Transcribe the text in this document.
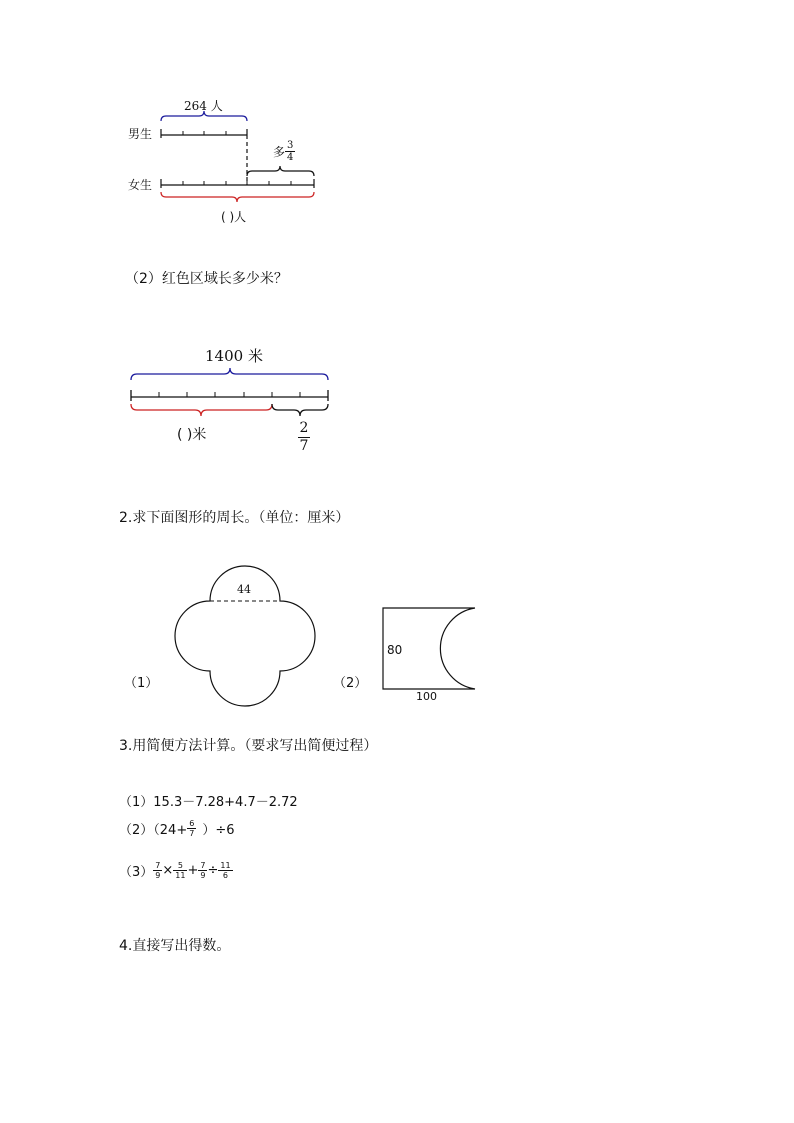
男生
女生
264 人
多 $\frac{3}{4}$
( )人
（2）红色区域长多少米？
1400 米
( )米	2
7
2.求下面图形的周长。（单位：厘米）
（1）
44
（2）
80
100
3.用简便方法计算。（要求写出简便过程）
（1）15.3－7.28+4.7－2.72
$(2)(24+ \frac{6}{7} )\div 6$
$(3) \frac{7}{9} \times \frac{5}{11} + \frac{7}{9} \div \frac{11}{6}$
4.直接写出得数。
